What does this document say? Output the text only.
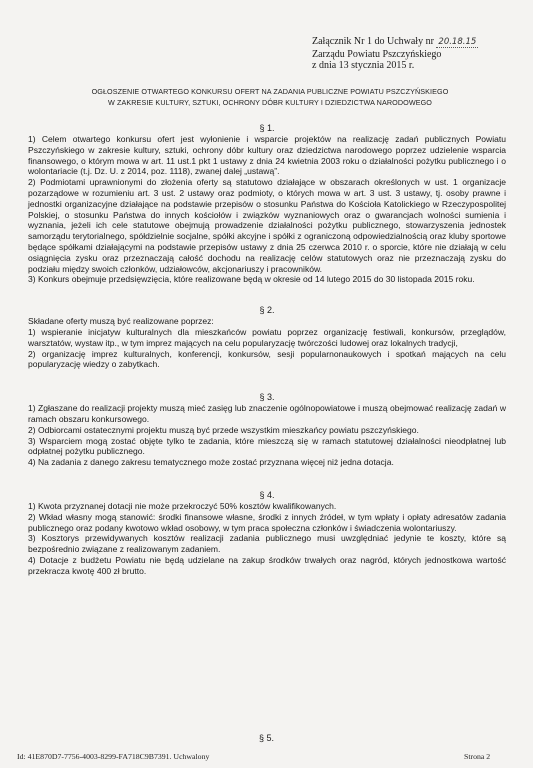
Załącznik Nr 1 do Uchwały nr 20.18.15
Zarządu Powiatu Pszczyńskiego
z dnia 13 stycznia 2015 r.
OGŁOSZENIE OTWARTEGO KONKURSU OFERT NA ZADANIA PUBLICZNE POWIATU PSZCZYŃSKIEGO
W ZAKRESIE KULTURY, SZTUKI, OCHRONY DÓBR KULTURY I DZIEDZICTWA NARODOWEGO
§ 1.

1) Celem otwartego konkursu ofert jest wyłonienie i wsparcie projektów na realizację zadań publicznych Powiatu Pszczyńskiego w zakresie kultury, sztuki, ochrony dóbr kultury oraz dziedzictwa narodowego poprzez udzielenie wsparcia finansowego, o którym mowa w art. 11 ust.1 pkt 1 ustawy z dnia 24 kwietnia 2003 roku o działalności pożytku publicznego i o wolontariacie (t.j. Dz. U. z 2014, poz. 1118), zwanej dalej „ustawą”.

2) Podmiotami uprawnionymi do złożenia oferty są statutowo działające w obszarach określonych w ust. 1 organizacje pozarządowe w rozumieniu art. 3 ust. 2 ustawy oraz podmioty, o których mowa w art. 3 ust. 3 ustawy, tj. osoby prawne i jednostki organizacyjne działające na podstawie przepisów o stosunku Państwa do Kościoła Katolickiego w Rzeczypospolitej Polskiej, o stosunku Państwa do innych kościołów i związków wyznaniowych oraz o gwarancjach wolności sumienia i wyznania, jeżeli ich cele statutowe obejmują prowadzenie działalności pożytku publicznego, stowarzyszenia jednostek samorządu terytorialnego, spółdzielnie socjalne, spółki akcyjne i spółki z ograniczoną odpowiedzialnością oraz kluby sportowe będące spółkami działającymi na podstawie przepisów ustawy z dnia 25 czerwca 2010 r. o sporcie, które nie działają w celu osiągnięcia zysku oraz przeznaczają całość dochodu na realizację celów statutowych oraz nie przeznaczają zysku do podziału między swoich członków, udziałowców, akcjonariuszy i pracowników.

3) Konkurs obejmuje przedsięwzięcia, które realizowane będą w okresie od 14 lutego 2015 do 30 listopada 2015 roku.

§ 2.

Składane oferty muszą być realizowane poprzez:

1) wspieranie inicjatyw kulturalnych dla mieszkańców powiatu poprzez organizację festiwali, konkursów, przeglądów, warsztatów, wystaw itp., w tym imprez mających na celu popularyzację twórczości ludowej oraz lokalnych tradycji,

2) organizację imprez kulturalnych, konferencji, konkursów, sesji popularnonaukowych i spotkań mających na celu popularyzację wiedzy o zabytkach.

§ 3.

1) Zgłaszane do realizacji projekty muszą mieć zasięg lub znaczenie ogólnopowiatowe i muszą obejmować realizację zadań w ramach obszaru konkursowego.

2) Odbiorcami ostatecznymi projektu muszą być przede wszystkim mieszkańcy powiatu pszczyńskiego.

3) Wsparciem mogą zostać objęte tylko te zadania, które mieszczą się w ramach statutowej działalności nieodpłatnej lub odpłatnej pożytku publicznego.

4) Na zadania z danego zakresu tematycznego może zostać przyznana więcej niż jedna dotacja.

§ 4.

1) Kwota przyznanej dotacji nie może przekroczyć 50% kosztów kwalifikowanych.

2) Wkład własny mogą stanowić: środki finansowe własne, środki z innych źródeł, w tym wpłaty i opłaty adresatów zadania publicznego oraz podany kwotowo wkład osobowy, w tym praca społeczna członków i świadczenia wolontariuszy.

3) Kosztorys przewidywanych kosztów realizacji zadania publicznego musi uwzględniać jedynie te koszty, które są bezpośrednio związane z realizowanym zadaniem.

4) Dotacje z budżetu Powiatu nie będą udzielane na zakup środków trwałych oraz nagród, których jednostkowa wartość przekracza kwotę 400 zł brutto.

§ 5.
Id: 41E870D7-7756-4003-8299-FA718C9B7391. Uchwalony	Strona 2
